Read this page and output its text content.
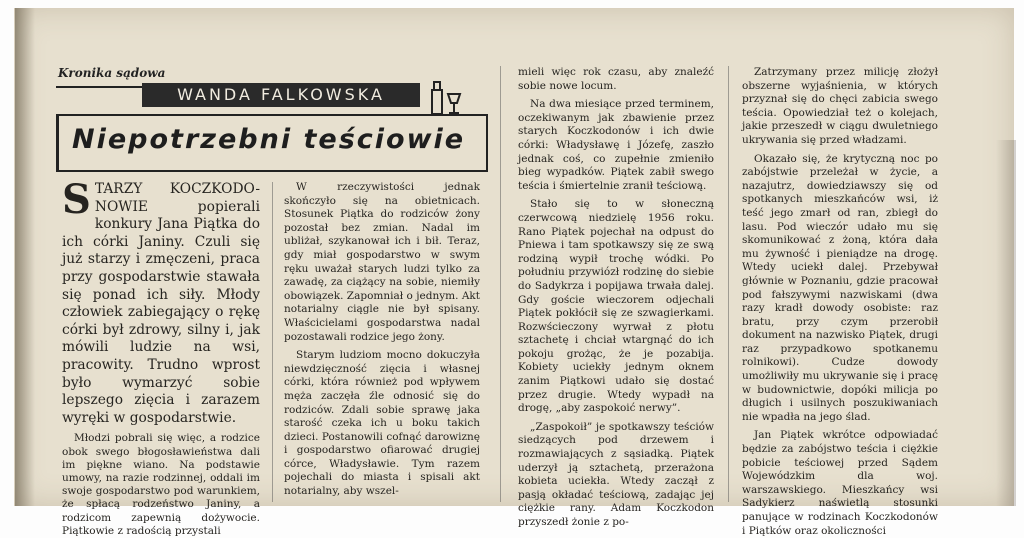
Kronika sądowa
WANDA FALKOWSKA
Niepotrzebni teściowie

STARZY KOCZKODO-NOWIE popierali konkury Jana Piątka do ich córki Janiny. Czuli się już starzy i zmęczeni, praca przy gospodarstwie stawała się ponad ich siły. Młody człowiek zabiegający o rękę córki był zdrowy, silny i, jak mówili ludzie na wsi, pracowity. Trudno wprost było wymarzyć sobie lepszego zięcia i zarazem wyręki w gospodarstwie.

Młodzi pobrali się więc, a rodzice obok swego błogosławieństwa dali im piękne wiano. Na podstawie umowy, na razie rodzinnej, oddali im swoje gospodarstwo pod warunkiem, że spłacą rodzeństwo Janiny, a rodzicom zapewnią dożywocie. Piątkowie z radością przystali

W rzeczywistości jednak skończyło się na obietnicach. Stosunek Piątka do rodziców żony pozostał bez zmian. Nadal im ubliżał, szykanował ich i bił. Teraz, gdy miał gospodarstwo w swym ręku uważał starych ludzi tylko za zawadę, za ciążący na sobie, niemiły obowiązek. Zapomniał o jednym. Akt notarialny ciągle nie był spisany. Właścicielami gospodarstwa nadal pozostawali rodzice jego żony.

Starym ludziom mocno dokuczyła niewdzięczność zięcia i własnej córki, która również pod wpływem męża zaczęła źle odnosić się do rodziców. Zdali sobie sprawę jaka starość czeka ich u boku takich dzieci. Postanowili cofnąć darowiznę i gospodarstwo ofiarować drugiej córce, Władysławie. Tym razem pojechali do miasta i spisali akt notarialny, aby wszel-

mieli więc rok czasu, aby znaleźć sobie nowe locum.

Na dwa miesiące przed terminem, oczekiwanym jak zbawienie przez starych Koczkodonów i ich dwie córki: Władysławę i Józefę, zaszło jednak coś, co zupełnie zmieniło bieg wypadków. Piątek zabił swego teścia i śmiertelnie zranił teściową.

Stało się to w słoneczną czerwcową niedzielę 1956 roku. Rano Piątek pojechał na odpust do Pniewa i tam spotkawszy się ze swą rodziną wypił trochę wódki. Po południu przywiózł rodzinę do siebie do Sadykrza i popijawa trwała dalej. Gdy goście wieczorem odjechali Piątek pokłócił się ze szwagierkami. Rozwścieczony wyrwał z płotu sztachetę i chciał wtargnąć do ich pokoju grożąc, że je pozabija. Kobiety uciekły jednym oknem zanim Piątkowi udało się dostać przez drugie. Wtedy wypadł na drogę, „aby zaspokoić nerwy”.

„Zaspokoił” je spotkawszy teściów siedzących pod drzewem i rozmawiających z sąsiadką. Piątek uderzył ją sztachetą, przerażona kobieta uciekła. Wtedy zaczął z pasją okładać teściową, zadając jej ciężkie rany. Adam Koczkodon przyszedł żonie z po-

Zatrzymany przez milicję złożył obszerne wyjaśnienia, w których przyznał się do chęci zabicia swego teścia. Opowiedział też o kolejach, jakie przeszedł w ciągu dwuletniego ukrywania się przed władzami.

Okazało się, że krytyczną noc po zabójstwie przeleżał w życie, a nazajutrz, dowiedziawszy się od spotkanych mieszkańców wsi, iż teść jego zmarł od ran, zbiegł do lasu. Pod wieczór udało mu się skomunikować z żoną, która dała mu żywność i pieniądze na drogę. Wtedy uciekł dalej. Przebywał głównie w Poznaniu, gdzie pracował pod fałszywymi nazwiskami (dwa razy kradł dowody osobiste: raz bratu, przy czym przerobił dokument na nazwisko Piątek, drugi raz przypadkowo spotkanemu rolnikowi). Cudze dowody umożliwiły mu ukrywanie się i pracę w budownictwie, dopóki milicja po długich i usilnych poszukiwaniach nie wpadła na jego ślad.

Jan Piątek wkrótce odpowiadać będzie za zabójstwo teścia i ciężkie pobicie teściowej przed Sądem Wojewódzkim dla woj. warszawskiego. Mieszkańcy wsi Sadykierz naświetlą stosunki panujące w rodzinach Koczkodonów i Piątków oraz okoliczności
